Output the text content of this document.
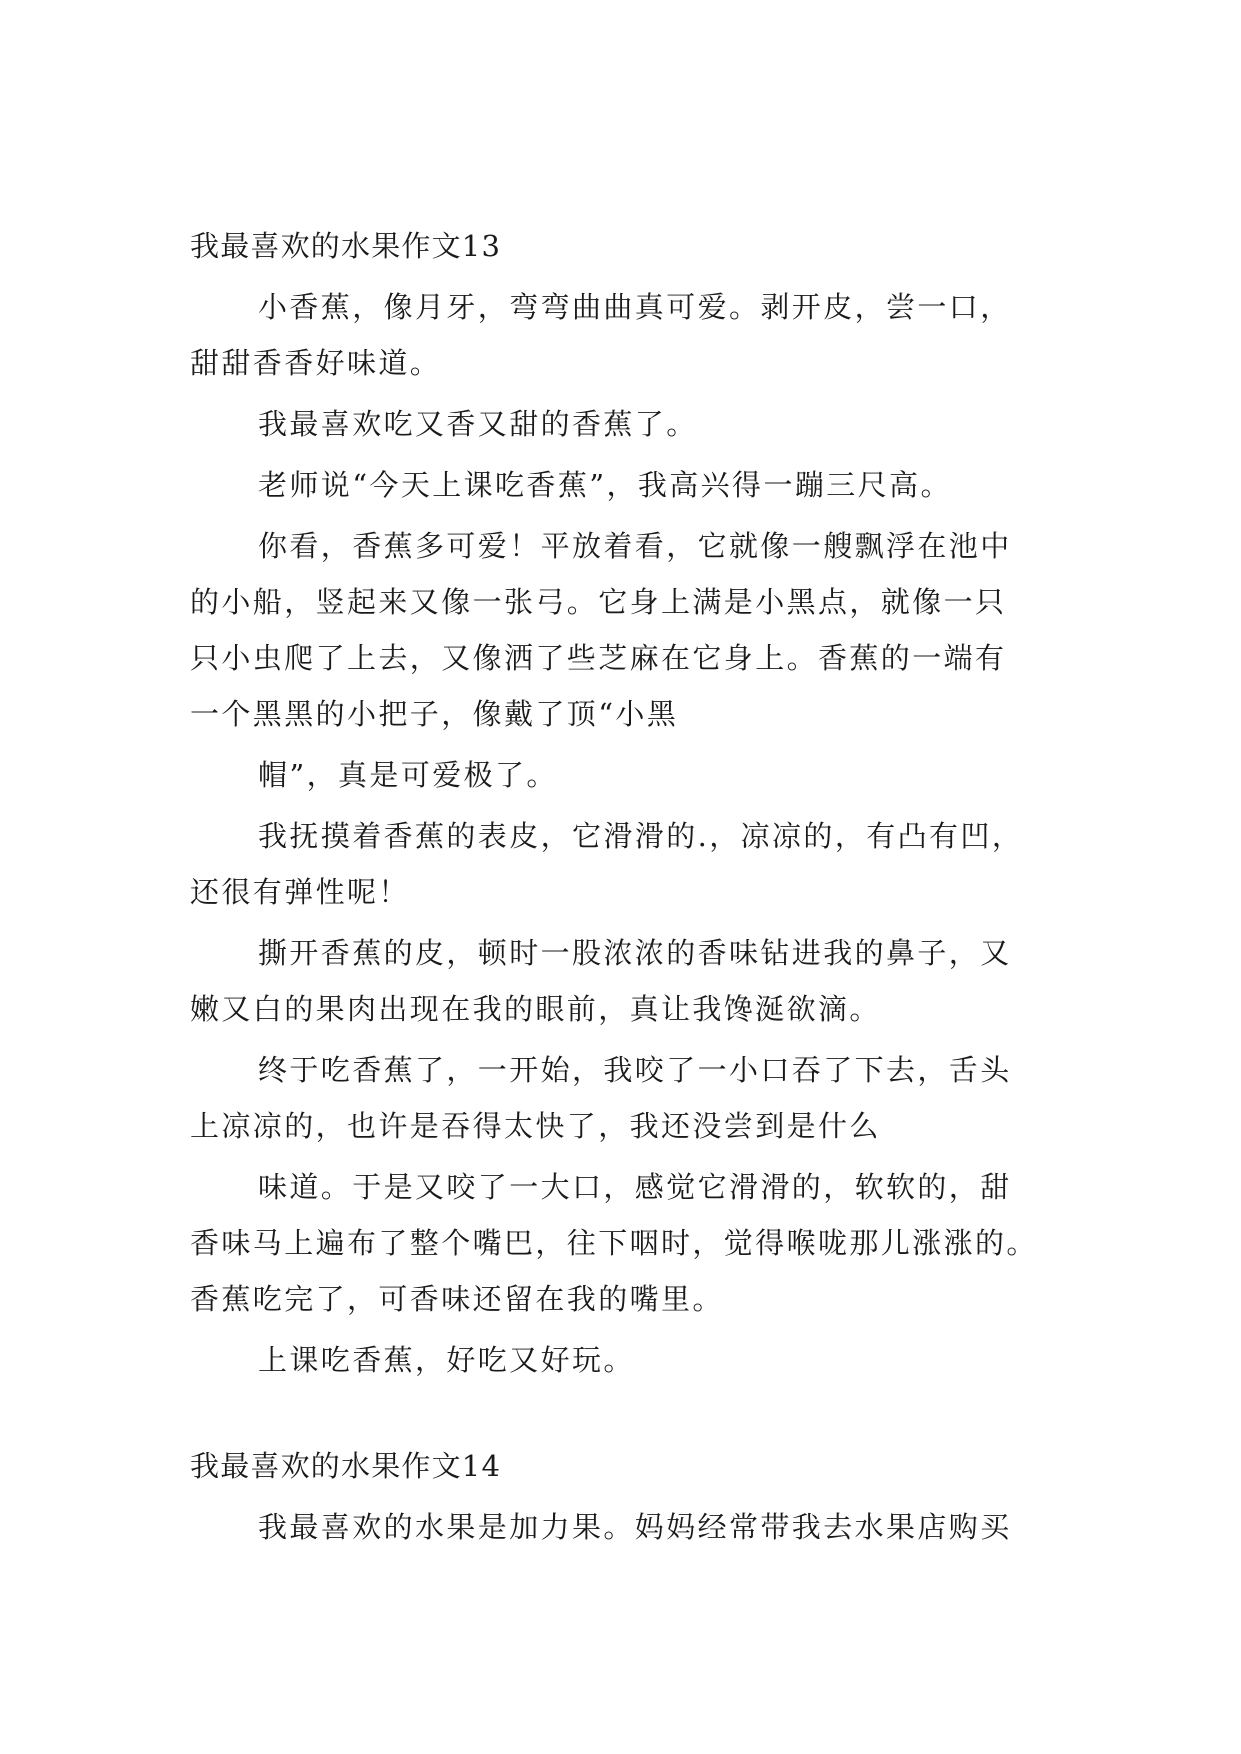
我最喜欢的水果作文13
小香蕉，像月牙，弯弯曲曲真可爱。剥开皮，尝一口，
甜甜香香好味道。
我最喜欢吃又香又甜的香蕉了。
老师说“今天上课吃香蕉”，我高兴得一蹦三尺高。
你看，香蕉多可爱！平放着看，它就像一艘飘浮在池中
的小船，竖起来又像一张弓。它身上满是小黑点，就像一只
只小虫爬了上去，又像洒了些芝麻在它身上。香蕉的一端有
一个黑黑的小把子，像戴了顶“小黑
帽”，真是可爱极了。
我抚摸着香蕉的表皮，它滑滑的.，凉凉的，有凸有凹，
还很有弹性呢！
撕开香蕉的皮，顿时一股浓浓的香味钻进我的鼻子，又
嫩又白的果肉出现在我的眼前，真让我馋涎欲滴。
终于吃香蕉了，一开始，我咬了一小口吞了下去，舌头
上凉凉的，也许是吞得太快了，我还没尝到是什么
味道。于是又咬了一大口，感觉它滑滑的，软软的，甜
香味马上遍布了整个嘴巴，往下咽时，觉得喉咙那儿涨涨的。
香蕉吃完了，可香味还留在我的嘴里。
上课吃香蕉，好吃又好玩。
我最喜欢的水果作文14
我最喜欢的水果是加力果。妈妈经常带我去水果店购买
